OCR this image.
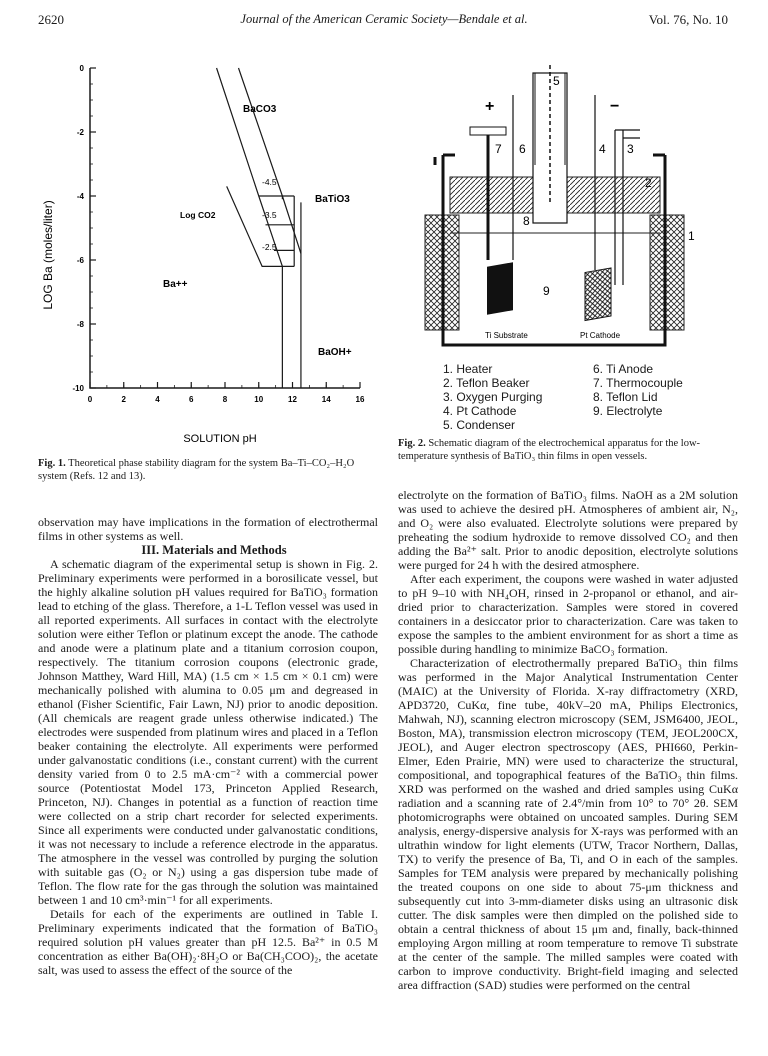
2620	Journal of the American Ceramic Society—Bendale et al.	Vol. 76, No. 10
0
-2
-4
-6
-8
-10
0	2	4	6	8	10	12	14	16
LOG Ba (moles/liter)
SOLUTION pH
BaCO3
BaTiO3
Ba++
BaOH+
Log CO2
-4.5
-3.5
-2.5
Fig. 1. Theoretical phase stability diagram for the system Ba–Ti–CO₂–H₂O system (Refs. 12 and 13).
+	−
5
7 6	4 3
2
1
8
9
Ti Substrate	Pt Cathode
1. Heater
2. Teflon Beaker
3. Oxygen Purging
4. Pt Cathode
5. Condenser
6. Ti Anode
7. Thermocouple
8. Teflon Lid
9. Electrolyte
Fig. 2. Schematic diagram of the electrochemical apparatus for the low-temperature synthesis of BaTiO₃ thin films in open vessels.

observation may have implications in the formation of electrothermal films in other systems as well.

III. Materials and Methods

A schematic diagram of the experimental setup is shown in Fig. 2. Preliminary experiments were performed in a borosilicate vessel, but the highly alkaline solution pH values required for BaTiO₃ formation lead to etching of the glass. Therefore, a 1-L Teflon vessel was used in all reported experiments. All surfaces in contact with the electrolyte solution were either Teflon or platinum except the anode. The cathode and anode were a platinum plate and a titanium corrosion coupon, respectively. The titanium corrosion coupons (electronic grade, Johnson Matthey, Ward Hill, MA) (1.5 cm × 1.5 cm × 0.1 cm) were mechanically polished with alumina to 0.05 μm and degreased in ethanol (Fisher Scientific, Fair Lawn, NJ) prior to anodic deposition. (All chemicals are reagent grade unless otherwise indicated.) The electrodes were suspended from platinum wires and placed in a Teflon beaker containing the electrolyte. All experiments were performed under galvanostatic conditions (i.e., constant current) with the current density varied from 0 to 2.5 mA·cm⁻² with a commercial power source (Potentiostat Model 173, Princeton Applied Research, Princeton, NJ). Changes in potential as a function of reaction time were collected on a strip chart recorder for selected experiments. Since all experiments were conducted under galvanostatic conditions, it was not necessary to include a reference electrode in the apparatus. The atmosphere in the vessel was controlled by purging the solution with suitable gas (O₂ or N₂) using a gas dispersion tube made of Teflon. The flow rate for the gas through the solution was maintained between 1 and 10 cm³·min⁻¹ for all experiments.

Details for each of the experiments are outlined in Table I. Preliminary experiments indicated that the formation of BaTiO₃ required solution pH values greater than pH 12.5. Ba²⁺ in 0.5 M concentration as either Ba(OH)₂·8H₂O or Ba(CH₃COO)₂, the acetate salt, was used to assess the effect of the source of the

electrolyte on the formation of BaTiO₃ films. NaOH as a 2M solution was used to achieve the desired pH. Atmospheres of ambient air, N₂, and O₂ were also evaluated. Electrolyte solutions were prepared by preheating the sodium hydroxide to remove dissolved CO₂ and then adding the Ba²⁺ salt. Prior to anodic deposition, electrolyte solutions were purged for 24 h with the desired atmosphere.

After each experiment, the coupons were washed in water adjusted to pH 9–10 with NH₄OH, rinsed in 2-propanol or ethanol, and air-dried prior to characterization. Samples were stored in covered containers in a desiccator prior to characterization. Care was taken to expose the samples to the ambient environment for as short a time as possible during handling to minimize BaCO₃ formation.

Characterization of electrothermally prepared BaTiO₃ thin films was performed in the Major Analytical Instrumentation Center (MAIC) at the University of Florida. X-ray diffractometry (XRD, APD3720, CuKα, fine tube, 40kV–20 mA, Philips Electronics, Mahwah, NJ), scanning electron microscopy (SEM, JSM6400, JEOL, Boston, MA), transmission electron microscopy (TEM, JEOL200CX, JEOL), and Auger electron spectroscopy (AES, PHI660, Perkin-Elmer, Eden Prairie, MN) were used to characterize the structural, compositional, and topographical features of the BaTiO₃ thin films. XRD was performed on the washed and dried samples using CuKα radiation and a scanning rate of 2.4°/min from 10° to 70° 2θ. SEM photomicrographs were obtained on uncoated samples. During SEM analysis, energy-dispersive analysis for X-rays was performed with an ultrathin window for light elements (UTW, Tracor Northern, Dallas, TX) to verify the presence of Ba, Ti, and O in each of the samples. Samples for TEM analysis were prepared by mechanically polishing the treated coupons on one side to about 75-μm thickness and subsequently cut into 3-mm-diameter disks using an ultrasonic disk cutter. The disk samples were then dimpled on the polished side to obtain a central thickness of about 15 μm and, finally, back-thinned employing Argon milling at room temperature to remove Ti substrate at the center of the sample. The milled samples were coated with carbon to improve conductivity. Bright-field imaging and selected area diffraction (SAD) studies were performed on the central
